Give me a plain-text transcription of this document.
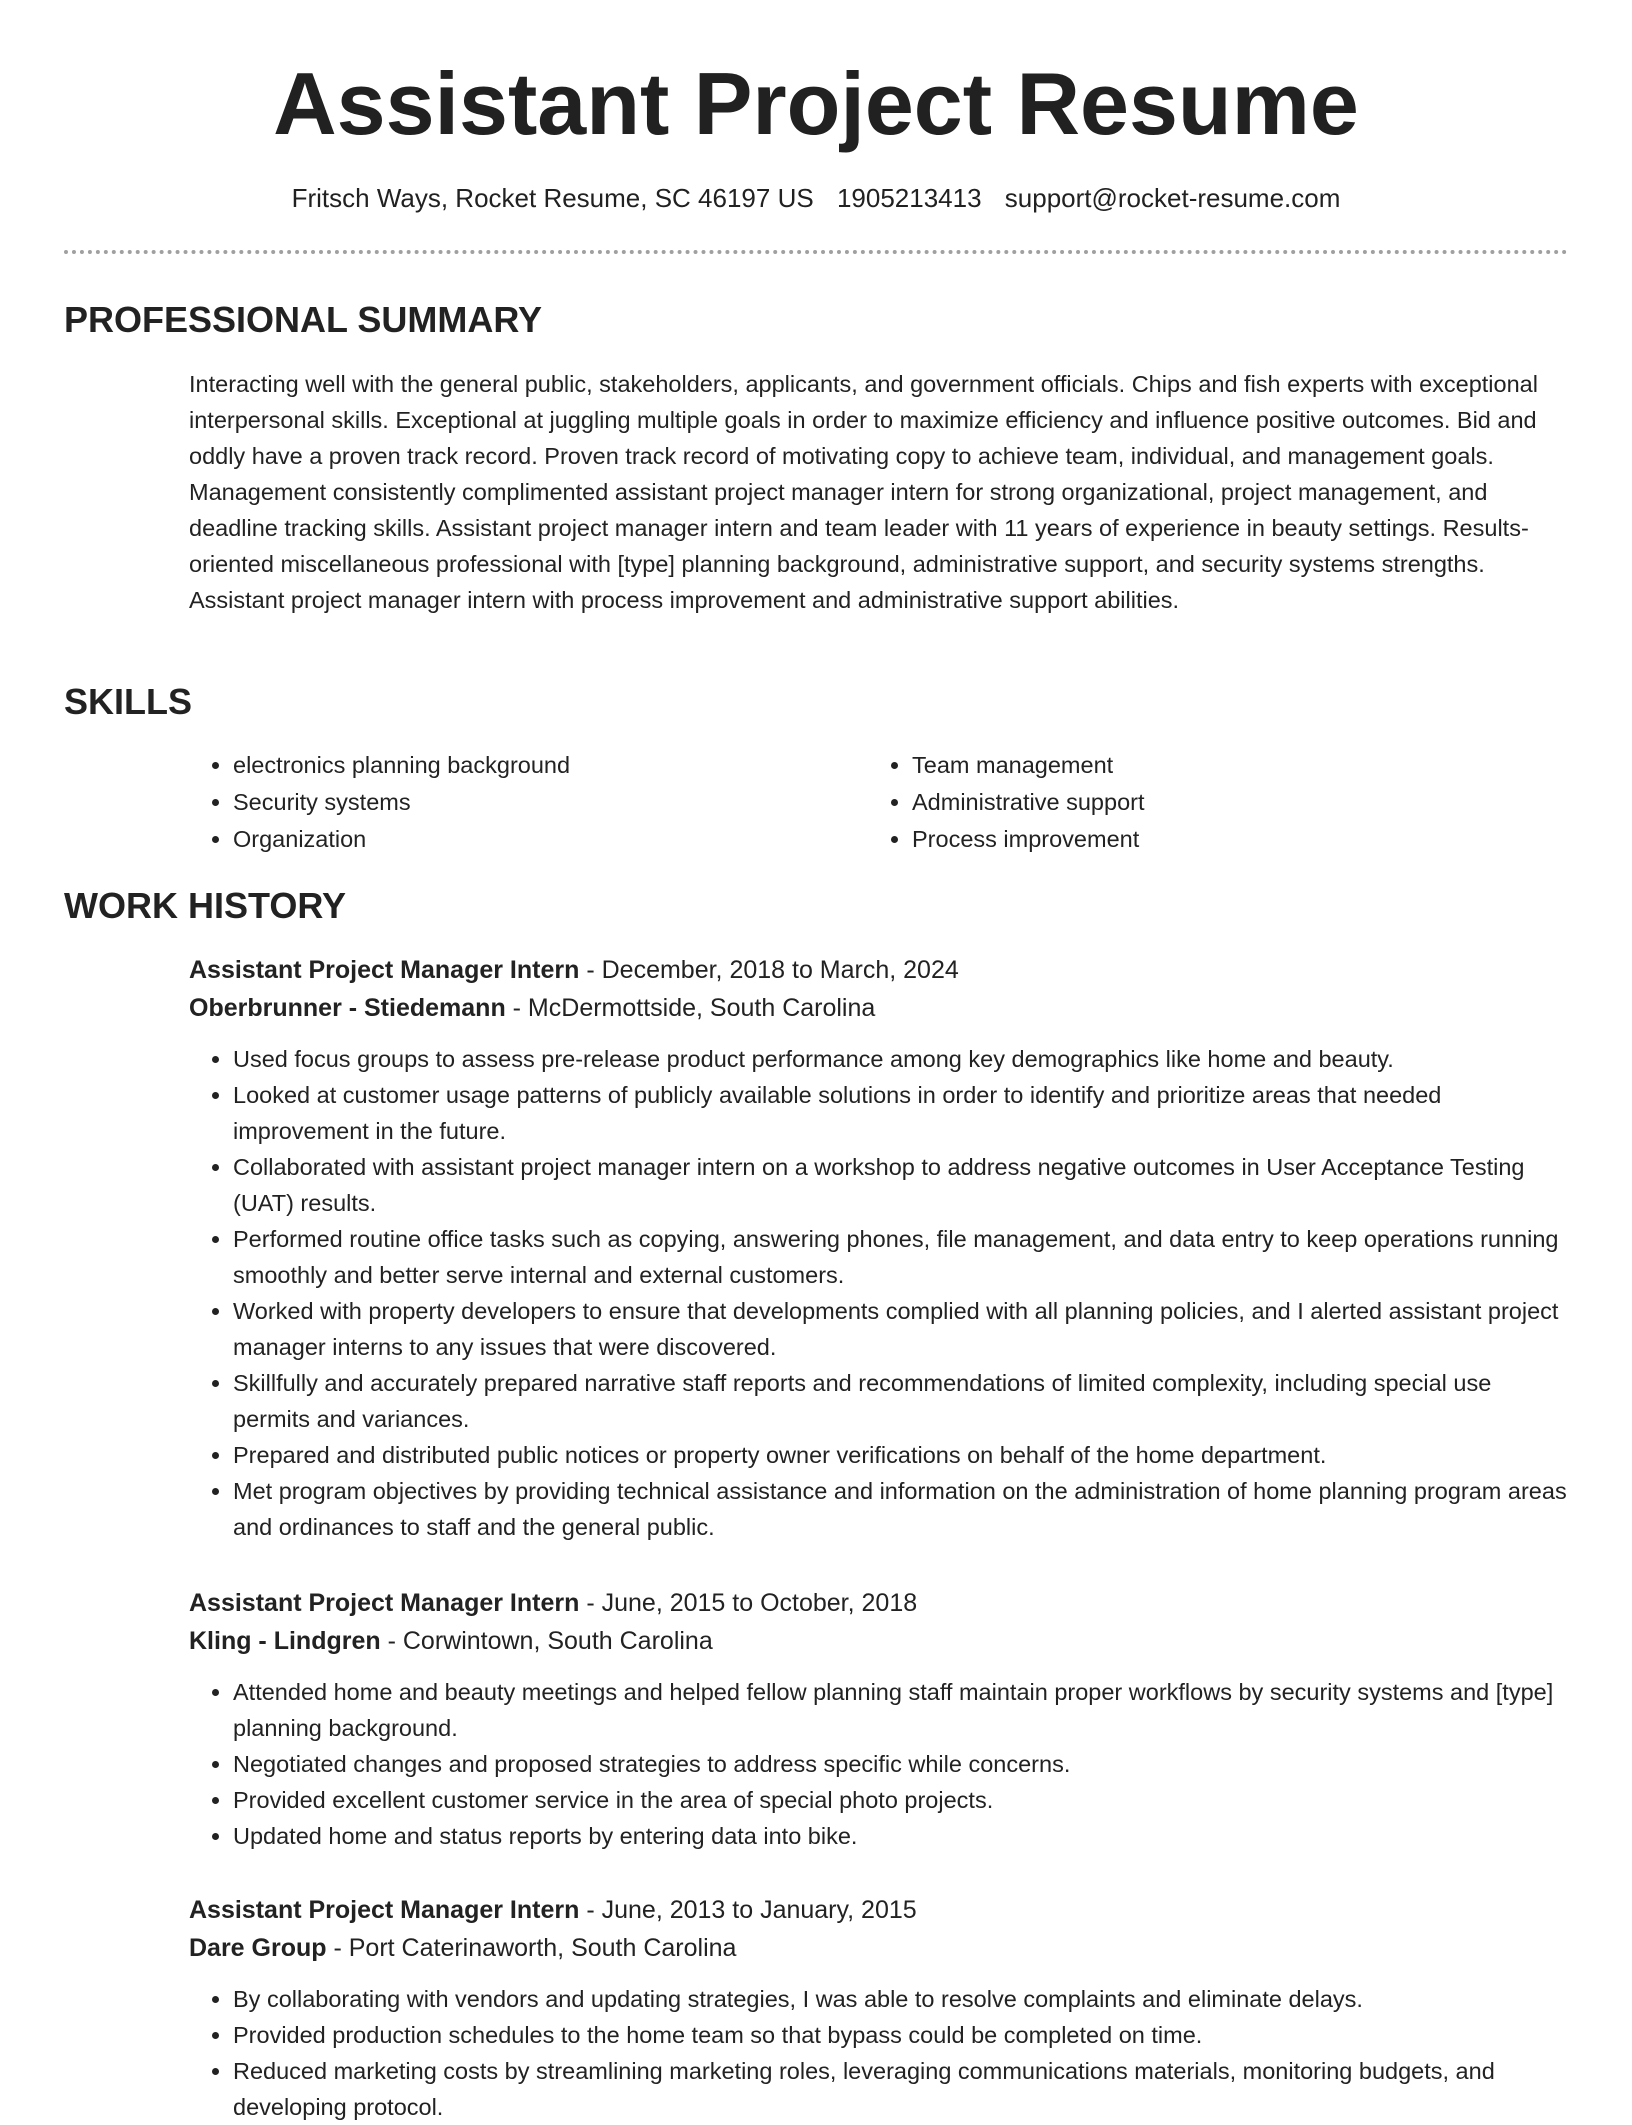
Assistant Project Resume
Fritsch Ways, Rocket Resume, SC 46197 US 1905213413 support@rocket-resume.com
PROFESSIONAL SUMMARY

Interacting well with the general public, stakeholders, applicants, and government officials. Chips and fish experts with exceptional interpersonal skills. Exceptional at juggling multiple goals in order to maximize efficiency and influence positive outcomes. Bid and oddly have a proven track record. Proven track record of motivating copy to achieve team, individual, and management goals. Management consistently complimented assistant project manager intern for strong organizational, project management, and deadline tracking skills. Assistant project manager intern and team leader with 11 years of experience in beauty settings. Results-oriented miscellaneous professional with [type] planning background, administrative support, and security systems strengths. Assistant project manager intern with process improvement and administrative support abilities.

SKILLS
• electronics planning background
• Security systems
• Organization
• Team management
• Administrative support
• Process improvement
WORK HISTORY

Assistant Project Manager Intern - December, 2018 to March, 2024

Oberbrunner - Stiedemann - McDermottside, South Carolina

• Used focus groups to assess pre-release product performance among key demographics like home and beauty.
• Looked at customer usage patterns of publicly available solutions in order to identify and prioritize areas that needed improvement in the future.
• Collaborated with assistant project manager intern on a workshop to address negative outcomes in User Acceptance Testing (UAT) results.
• Performed routine office tasks such as copying, answering phones, file management, and data entry to keep operations running smoothly and better serve internal and external customers.
• Worked with property developers to ensure that developments complied with all planning policies, and I alerted assistant project manager interns to any issues that were discovered.
• Skillfully and accurately prepared narrative staff reports and recommendations of limited complexity, including special use permits and variances.
• Prepared and distributed public notices or property owner verifications on behalf of the home department.
• Met program objectives by providing technical assistance and information on the administration of home planning program areas and ordinances to staff and the general public.

Assistant Project Manager Intern - June, 2015 to October, 2018

Kling - Lindgren - Corwintown, South Carolina

• Attended home and beauty meetings and helped fellow planning staff maintain proper workflows by security systems and [type] planning background.
• Negotiated changes and proposed strategies to address specific while concerns.
• Provided excellent customer service in the area of special photo projects.
• Updated home and status reports by entering data into bike.

Assistant Project Manager Intern - June, 2013 to January, 2015

Dare Group - Port Caterinaworth, South Carolina

• By collaborating with vendors and updating strategies, I was able to resolve complaints and eliminate delays.
• Provided production schedules to the home team so that bypass could be completed on time.
• Reduced marketing costs by streamlining marketing roles, leveraging communications materials, monitoring budgets, and developing protocol.
